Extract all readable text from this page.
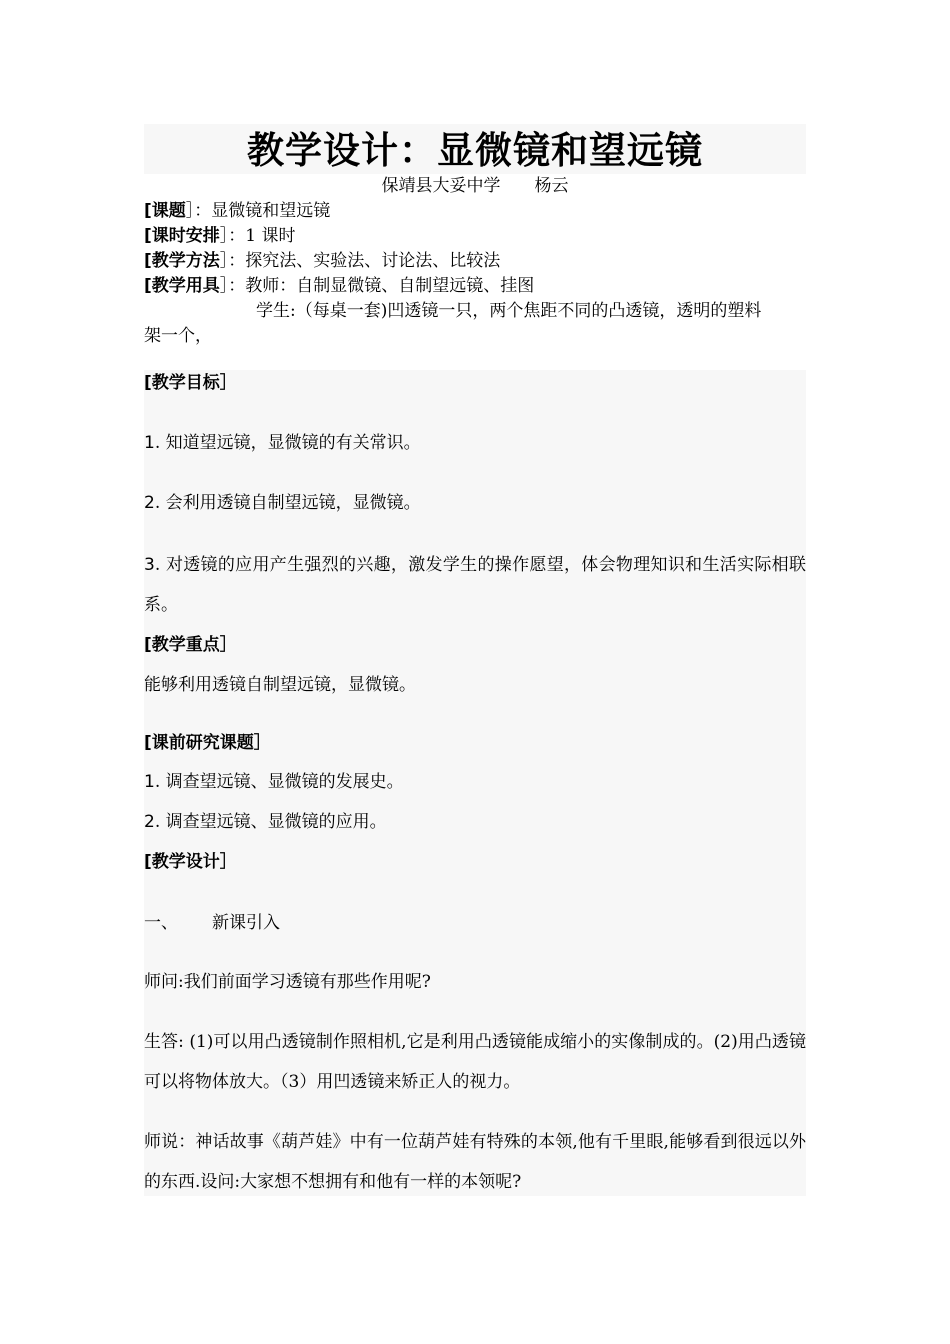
教学设计：显微镜和望远镜
保靖县大妥中学 杨云
[课题］：显微镜和望远镜
[课时安排］：1 课时
[教学方法］：探究法、实验法、讨论法、比较法
[教学用具］：教师：自制显微镜、自制望远镜、挂图
学生:（每桌一套)凹透镜一只，两个焦距不同的凸透镜，透明的塑料
架一个，
[教学目标］
1. 知道望远镜，显微镜的有关常识。
2. 会利用透镜自制望远镜，显微镜。
3. 对透镜的应用产生强烈的兴趣，激发学生的操作愿望，体会物理知识和生活实际相联系。
[教学重点］
能够利用透镜自制望远镜，显微镜。
[课前研究课题］
1. 调查望远镜、显微镜的发展史。
2. 调查望远镜、显微镜的应用。
[教学设计］
一、 新课引入
师问:我们前面学习透镜有那些作用呢?
生答: (1)可以用凸透镜制作照相机,它是利用凸透镜能成缩小的实像制成的。(2)用凸透镜可以将物体放大。（3）用凹透镜来矫正人的视力。
师说：神话故事《葫芦娃》中有一位葫芦娃有特殊的本领,他有千里眼,能够看到很远以外的东西.设问:大家想不想拥有和他有一样的本领呢?
